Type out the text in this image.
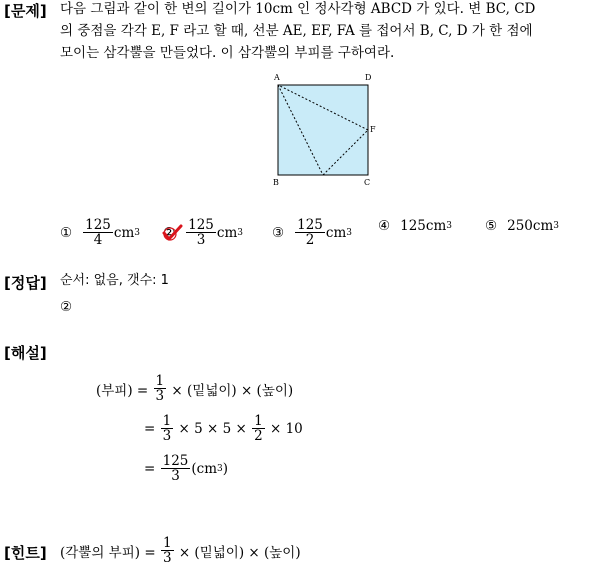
[문제] 다음 그림과 같이 한 변의 길이가 10cm 인 정사각형 ABCD 가 있다. 변 BC, CD
의 중점을 각각 E, F 라고 할 때, 선분 AE, EF, FA 를 접어서 B, C, D 가 한 점에
모이는 삼각뿔을 만들었다. 이 삼각뿔의 부피를 구하여라.
A	D
F
B	C
① $\frac{125}{4}$ cm 3 ② $\frac{125}{3}$ cm 3 ③ $\frac{125}{2}$ cm 3 ④ 125cm 3 ⑤ 250cm 3
[정답] 순서: 없음, 갯수: 1
②
[해설]
(부피) =
$\frac{1}{3}$
× (밑넓이) × (높이)
=
$\frac{1}{3}$
× 5 × 5 ×
$\frac{1}{2}$
× 10
=
$\frac{125}{3} (cm$ 3 )
[힌트] (각뿔의 부피) =
$\frac{1}{3}$
× (밑넓이) × (높이)
